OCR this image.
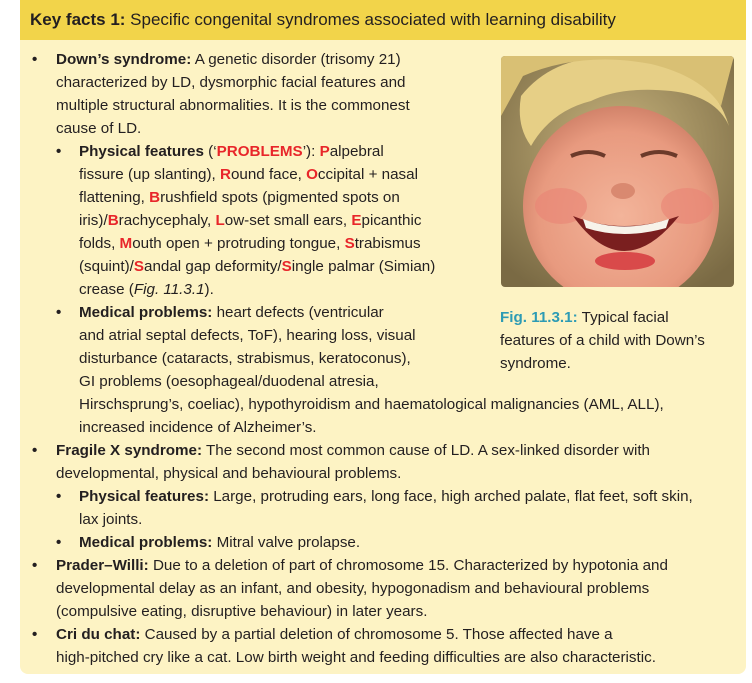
Key facts 1: Specific congenital syndromes associated with learning disability
• Down’s syndrome: A genetic disorder (trisomy 21)
characterized by LD, dysmorphic facial features and
multiple structural abnormalities. It is the commonest
cause of LD.
• Physical features (‘PROBLEMS’): Palpebral
fissure (up slanting), Round face, Occipital + nasal
flattening, Brushfield spots (pigmented spots on
iris)/Brachycephaly, Low-set small ears, Epicanthic
folds, Mouth open + protruding tongue, Strabismus
(squint)/Sandal gap deformity/Single palmar (Simian)
crease (Fig. 11.3.1).
• Medical problems: heart defects (ventricular
and atrial septal defects, ToF), hearing loss, visual
disturbance (cataracts, strabismus, keratoconus),
GI problems (oesophageal/duodenal atresia,
Hirschsprung’s, coeliac), hypothyroidism and haematological malignancies (AML, ALL),
increased incidence of Alzheimer’s.
• Fragile X syndrome: The second most common cause of LD. A sex-linked disorder with
developmental, physical and behavioural problems.
• Physical features: Large, protruding ears, long face, high arched palate, flat feet, soft skin,
lax joints.
• Medical problems: Mitral valve prolapse.
• Prader–Willi: Due to a deletion of part of chromosome 15. Characterized by hypotonia and
developmental delay as an infant, and obesity, hypogonadism and behavioural problems
(compulsive eating, disruptive behaviour) in later years.
• Cri du chat: Caused by a partial deletion of chromosome 5. Those affected have a
high-pitched cry like a cat. Low birth weight and feeding difficulties are also characteristic.
Fig. 11.3.1: Typical facial
features of a child with Down’s
syndrome.
